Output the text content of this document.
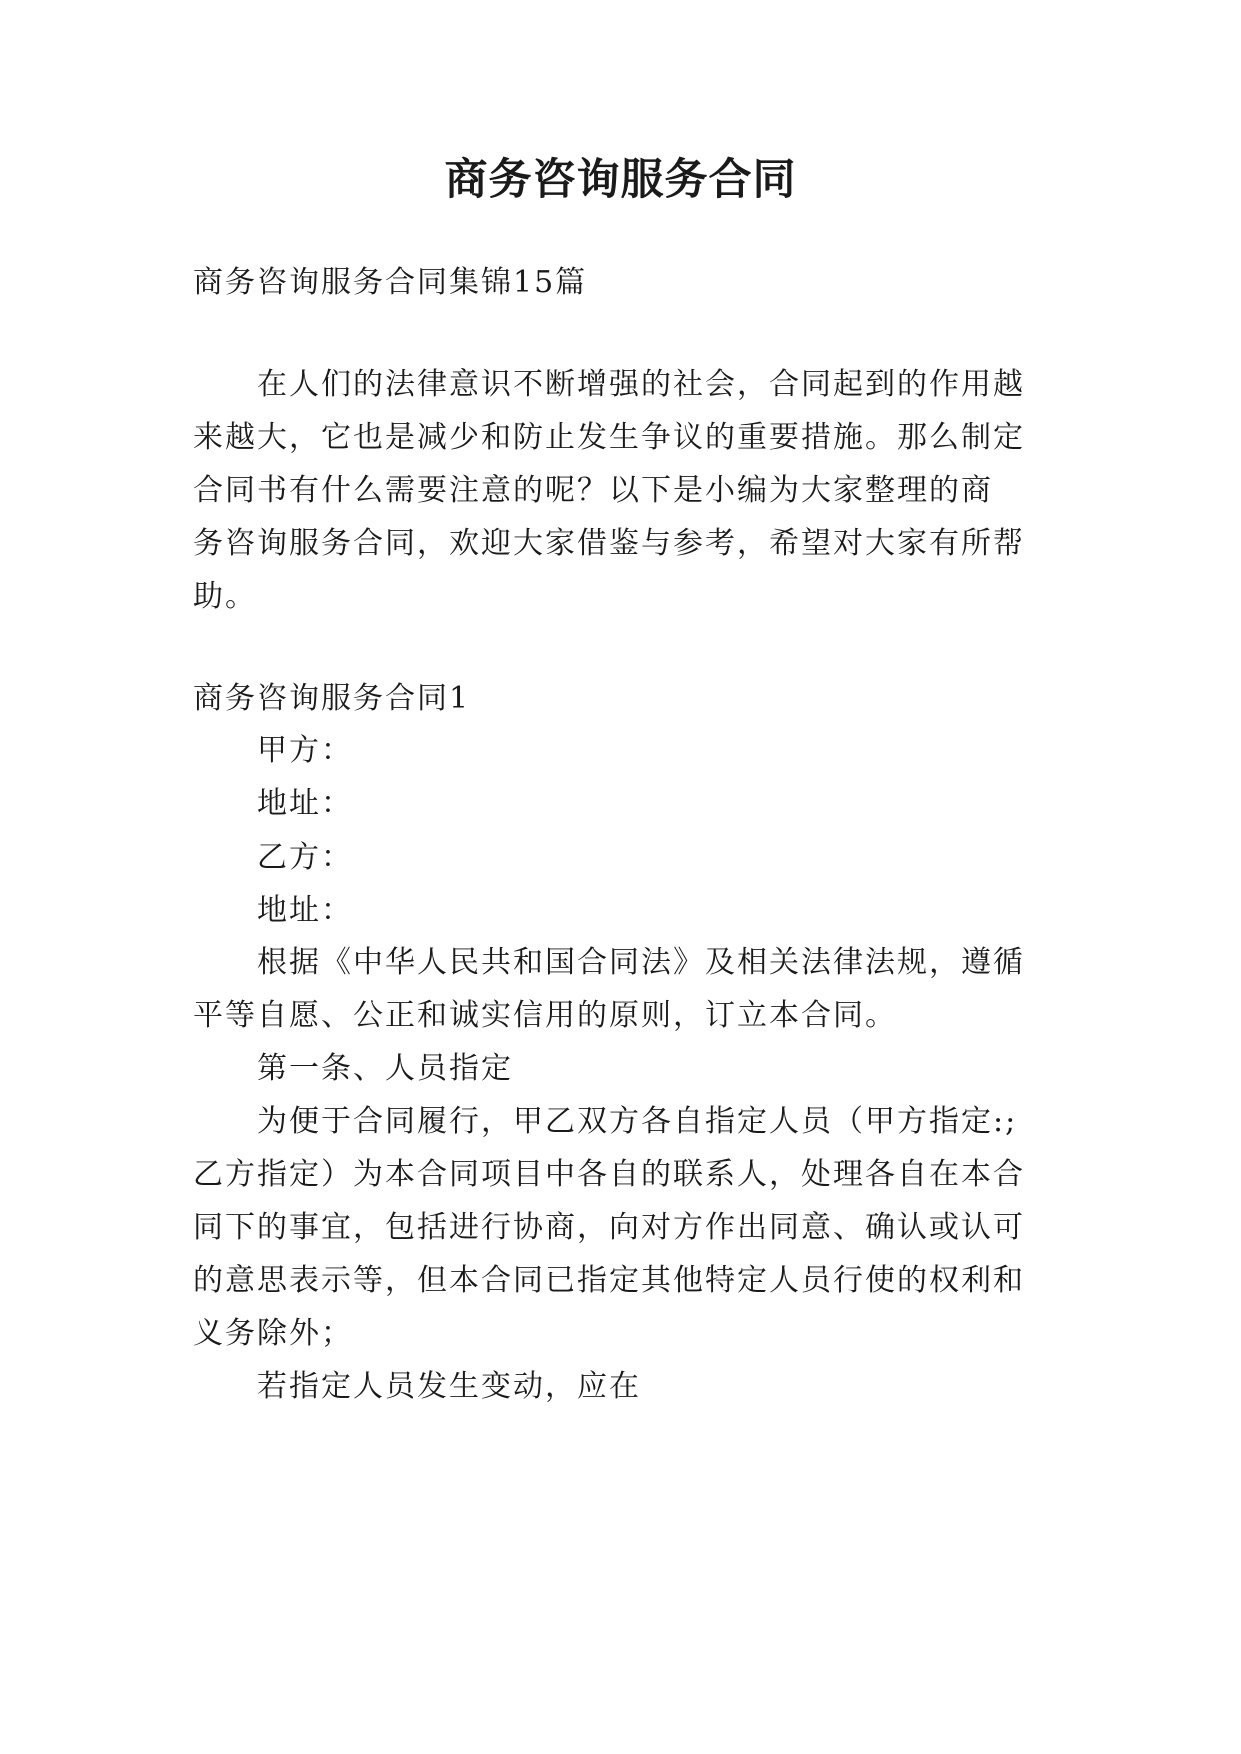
商务咨询服务合同
商务咨询服务合同集锦15篇
在人们的法律意识不断增强的社会，合同起到的作用越
来越大，它也是减少和防止发生争议的重要措施。那么制定
合同书有什么需要注意的呢？以下是小编为大家整理的商
务咨询服务合同，欢迎大家借鉴与参考，希望对大家有所帮
助。
商务咨询服务合同1
甲方：
地址：
乙方：
地址：
根据《中华人民共和国合同法》及相关法律法规，遵循
平等自愿、公正和诚实信用的原则，订立本合同。
第一条、人员指定
为便于合同履行，甲乙双方各自指定人员（甲方指定:;
乙方指定）为本合同项目中各自的联系人，处理各自在本合
同下的事宜，包括进行协商，向对方作出同意、确认或认可
的意思表示等，但本合同已指定其他特定人员行使的权利和
义务除外；
若指定人员发生变动，应在
